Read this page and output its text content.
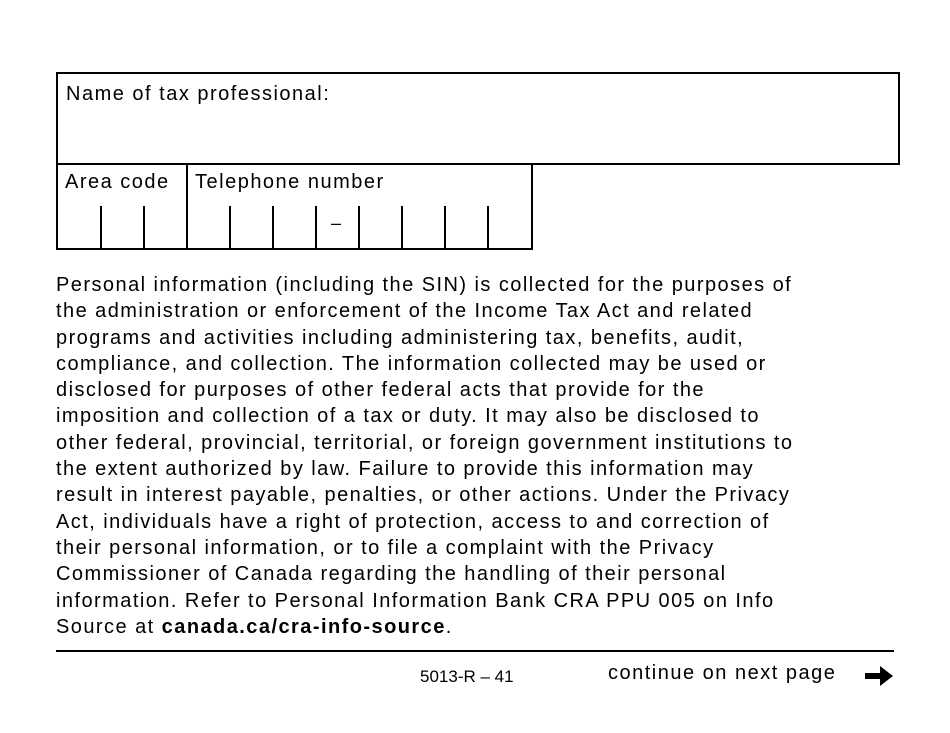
Name of tax professional:
Area code Telephone number
–
Personal information (including the SIN) is collected for the purposes of
the administration or enforcement of the Income Tax Act and related
programs and activities including administering tax, benefits, audit,
compliance, and collection. The information collected may be used or
disclosed for purposes of other federal acts that provide for the
imposition and collection of a tax or duty. It may also be disclosed to
other federal, provincial, territorial, or foreign government institutions to
the extent authorized by law. Failure to provide this information may
result in interest payable, penalties, or other actions. Under the Privacy
Act, individuals have a right of protection, access to and correction of
their personal information, or to file a complaint with the Privacy
Commissioner of Canada regarding the handling of their personal
information. Refer to Personal Information Bank CRA PPU 005 on Info
Source at canada.ca/cra-info-source.
5013-R – 41	continue on next page
